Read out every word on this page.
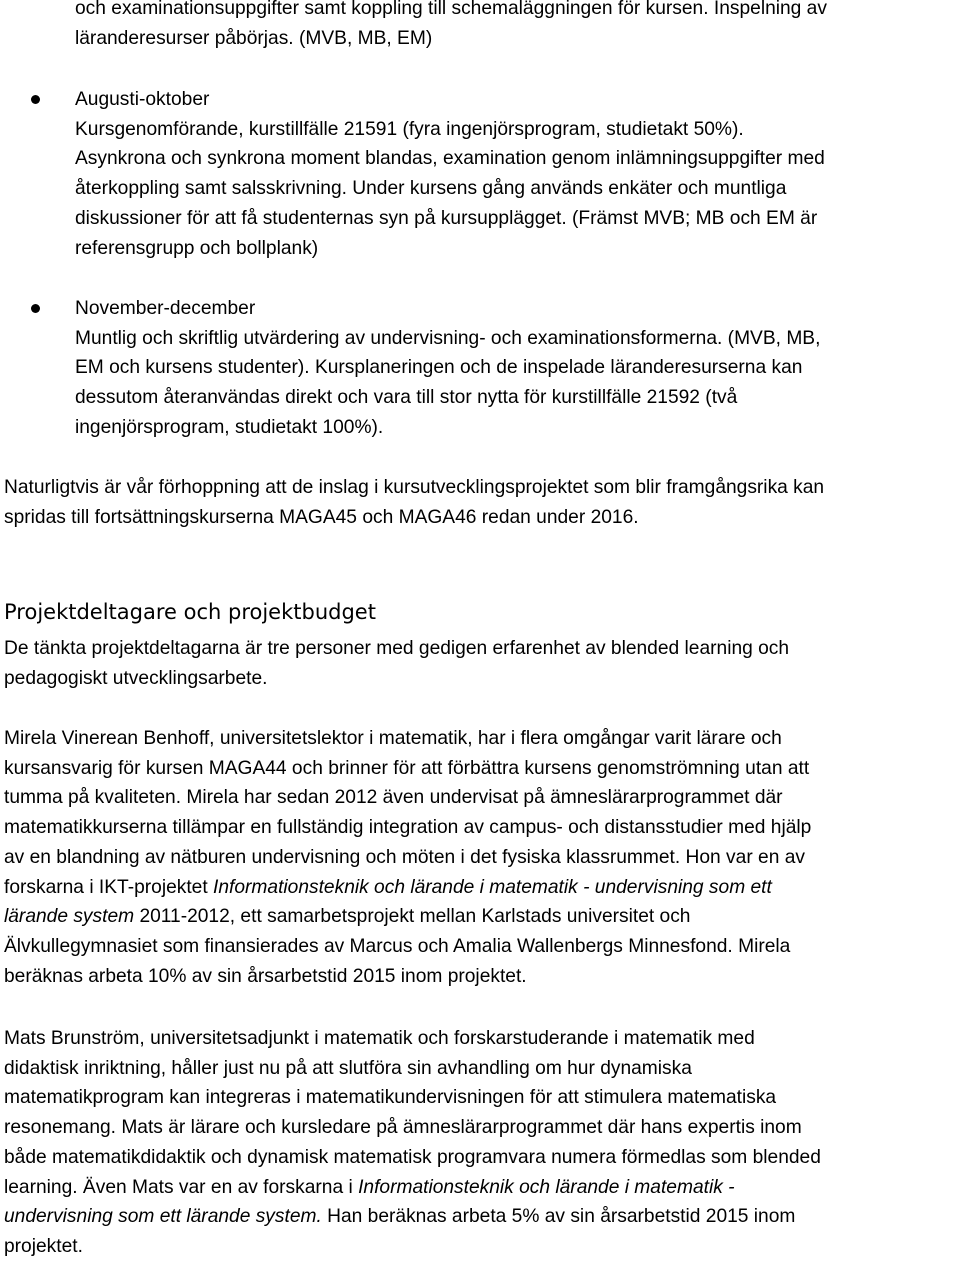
och examinationsuppgifter samt koppling till schemaläggningen för kursen. Inspelning av
läranderesurser påbörjas. (MVB, MB, EM)
Augusti-oktober
Kursgenomförande, kurstillfälle 21591 (fyra ingenjörsprogram, studietakt 50%).
Asynkrona och synkrona moment blandas, examination genom inlämningsuppgifter med
återkoppling samt salsskrivning. Under kursens gång används enkäter och muntliga
diskussioner för att få studenternas syn på kursupplägget. (Främst MVB; MB och EM är
referensgrupp och bollplank)
November-december
Muntlig och skriftlig utvärdering av undervisning- och examinationsformerna. (MVB, MB,
EM och kursens studenter). Kursplaneringen och de inspelade läranderesurserna kan
dessutom återanvändas direkt och vara till stor nytta för kurstillfälle 21592 (två
ingenjörsprogram, studietakt 100%).
Naturligtvis är vår förhoppning att de inslag i kursutvecklingsprojektet som blir framgångsrika kan
spridas till fortsättningskurserna MAGA45 och MAGA46 redan under 2016.
Projektdeltagare och projektbudget
De tänkta projektdeltagarna är tre personer med gedigen erfarenhet av blended learning och
pedagogiskt utvecklingsarbete.
Mirela Vinerean Benhoff, universitetslektor i matematik, har i flera omgångar varit lärare och
kursansvarig för kursen MAGA44 och brinner för att förbättra kursens genomströmning utan att
tumma på kvaliteten. Mirela har sedan 2012 även undervisat på ämneslärarprogrammet där
matematikkurserna tillämpar en fullständig integration av campus- och distansstudier med hjälp
av en blandning av nätburen undervisning och möten i det fysiska klassrummet. Hon var en av
forskarna i IKT-projektet Informationsteknik och lärande i matematik - undervisning som ett
lärande system 2011-2012, ett samarbetsprojekt mellan Karlstads universitet och
Älvkullegymnasiet som finansierades av Marcus och Amalia Wallenbergs Minnesfond. Mirela
beräknas arbeta 10% av sin årsarbetstid 2015 inom projektet.
Mats Brunström, universitetsadjunkt i matematik och forskarstuderande i matematik med
didaktisk inriktning, håller just nu på att slutföra sin avhandling om hur dynamiska
matematikprogram kan integreras i matematikundervisningen för att stimulera matematiska
resonemang. Mats är lärare och kursledare på ämneslärarprogrammet där hans expertis inom
både matematikdidaktik och dynamisk matematisk programvara numera förmedlas som blended
learning. Även Mats var en av forskarna i Informationsteknik och lärande i matematik -
undervisning som ett lärande system. Han beräknas arbeta 5% av sin årsarbetstid 2015 inom
projektet.
